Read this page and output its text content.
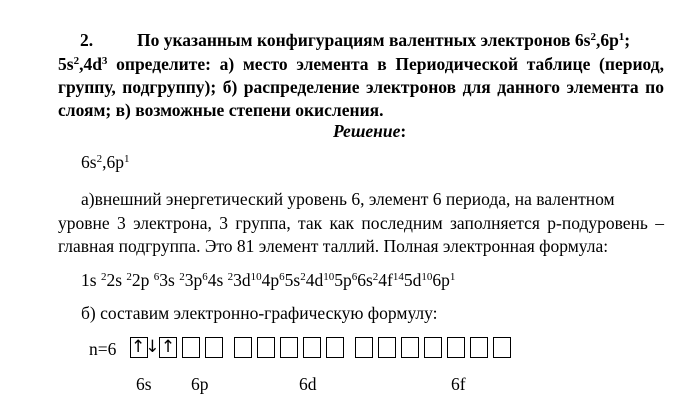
2.	По указанным конфигурациям валентных электронов $6s^2,6p^1$;
$5s^2,4d^3$ определите: а) место элемента в Периодической таблице (период,
группу, подгруппу); б) распределение электронов для данного элемента по
слоям; в) возможные степени окисления.
Решение:
$6s^2,6p^1$
а)внешний энергетический уровень 6, элемент 6 периода, на валентном
уровне 3 электрона, 3 группа, так как последним заполняется р-подуровень –
главная подгруппа. Это 81 элемент таллий. Полная электронная формула:
1s $^2$2s $^2$2p $^6$3s $^23p^64s$ $^23d^{10}4p^65s^24d^{10}5p^66s^24f^{14}5d^{10}6p^1$
б) составим электронно-графическую формулу:
n=6 ↑↓ ↑
6s 6p	6d	6f
